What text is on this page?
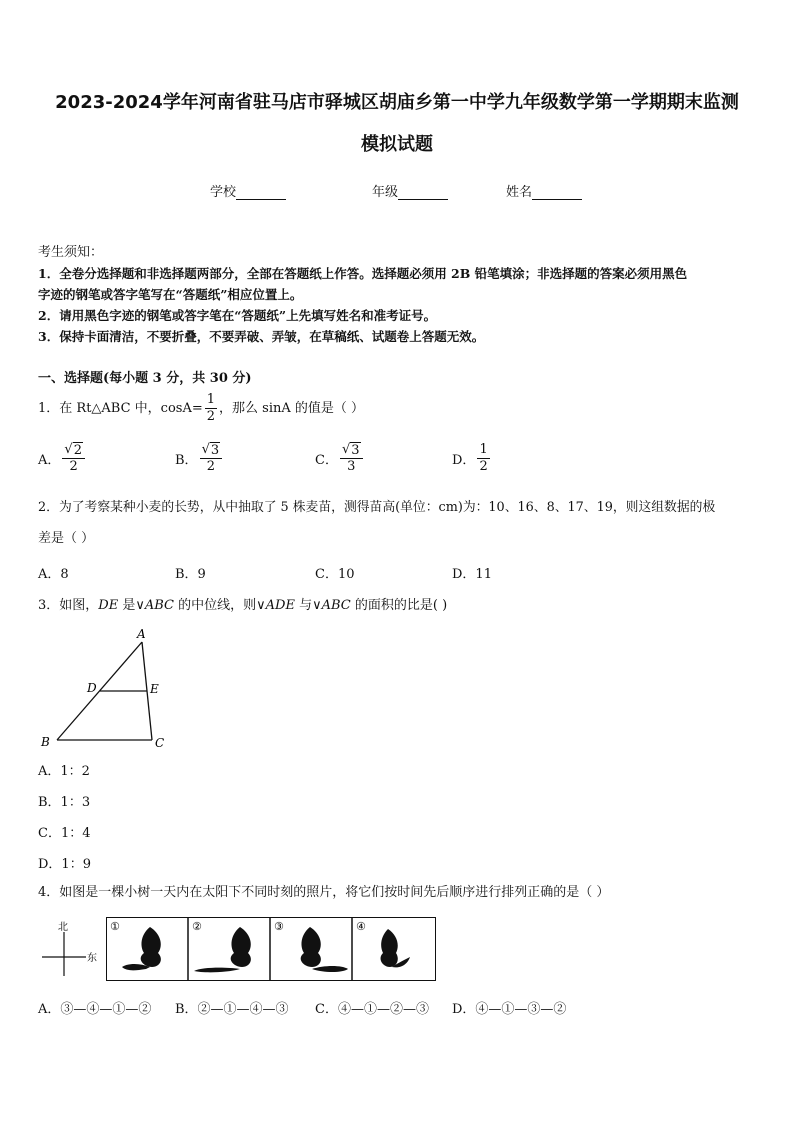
2023-2024学年河南省驻马店市驿城区胡庙乡第一中学九年级数学第一学期期末监测
模拟试题
学校	年级	姓名
考生须知：
1．全卷分选择题和非选择题两部分，全部在答题纸上作答。选择题必须用 2B 铅笔填涂；非选择题的答案必须用黑色
字迹的钢笔或答字笔写在“答题纸”相应位置上。
2．请用黑色字迹的钢笔或答字笔在“答题纸”上先填写姓名和准考证号。
3．保持卡面清洁，不要折叠，不要弄破、弄皱，在草稿纸、试题卷上答题无效。
一、选择题(每小题 3 分，共 30 分)
1．在 Rt△ABC 中，$\cos A= \frac{1}{2}$ ，那么 sinA 的值是（ ）
A． $\frac{√ 2}{2}$	B． $\frac{√ 3}{2}$	C． $\frac{√ 3}{3}$	D． $\frac{1}{2}$
2．为了考察某种小麦的长势，从中抽取了 5 株麦苗，测得苗高(单位：cm)为：10、16、8、17、19，则这组数据的极
差是（ ）
A．8	B．9	C．10	D．11
3．如图，DE 是∨ABC 的中位线，则∨ADE 与∨ABC 的面积的比是( )
A
B	C
D	E
A．1：2
B．1：3
C．1：4
D．1：9
4．如图是一棵小树一天内在太阳下不同时刻的照片，将它们按时间先后顺序进行排列正确的是（ ）
北
东
①	②	③	④
A．③—④—①—② B．②—①—④—③ C．④—①—②—③ D．④—①—③—②
